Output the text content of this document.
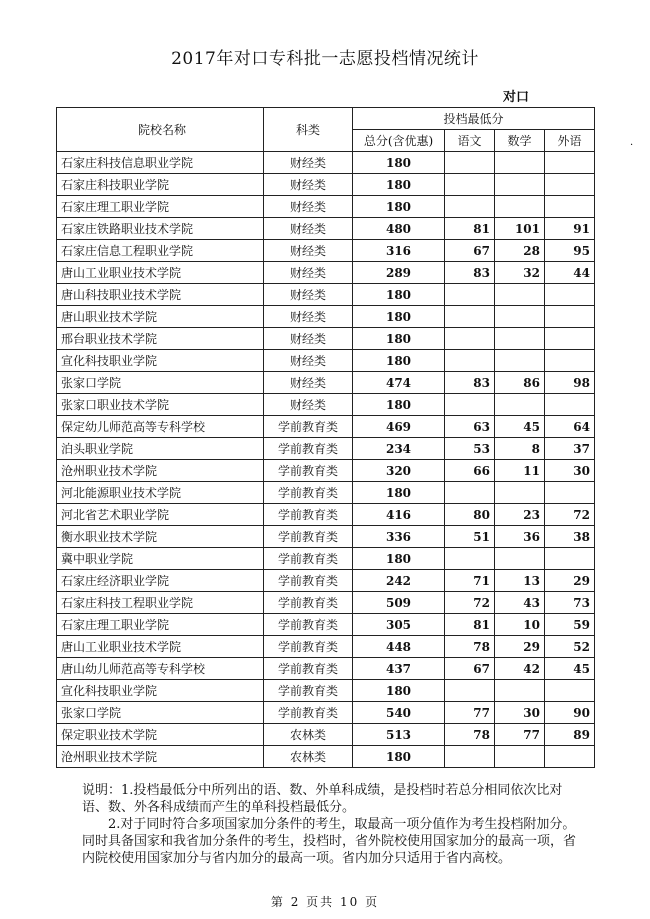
2017年对口专科批一志愿投档情况统计
对口
·
院校名称	科类	投档最低分			
		总分(含优惠)	语文	数学	外语
石家庄科技信息职业学院	财经类	180			
石家庄科技职业学院	财经类	180			
石家庄理工职业学院	财经类	180			
石家庄铁路职业技术学院	财经类	480	81	101	91
石家庄信息工程职业学院	财经类	316	67	28	95
唐山工业职业技术学院	财经类	289	83	32	44
唐山科技职业技术学院	财经类	180			
唐山职业技术学院	财经类	180			
邢台职业技术学院	财经类	180			
宣化科技职业学院	财经类	180			
张家口学院	财经类	474	83	86	98
张家口职业技术学院	财经类	180			
保定幼儿师范高等专科学校	学前教育类	469	63	45	64
泊头职业学院	学前教育类	234	53	8	37
沧州职业技术学院	学前教育类	320	66	11	30
河北能源职业技术学院	学前教育类	180			
河北省艺术职业学院	学前教育类	416	80	23	72
衡水职业技术学院	学前教育类	336	51	36	38
冀中职业学院	学前教育类	180			
石家庄经济职业学院	学前教育类	242	71	13	29
石家庄科技工程职业学院	学前教育类	509	72	43	73
石家庄理工职业学院	学前教育类	305	81	10	59
唐山工业职业技术学院	学前教育类	448	78	29	52
唐山幼儿师范高等专科学校	学前教育类	437	67	42	45
宣化科技职业学院	学前教育类	180			
张家口学院	学前教育类	540	77	30	90
保定职业技术学院	农林类	513	78	77	89
沧州职业技术学院	农林类	180			

说明：1.投档最低分中所列出的语、数、外单科成绩，是投档时若总分相同依次比对语、数、外各科成绩而产生的单科投档最低分。

2.对于同时符合多项国家加分条件的考生，取最高一项分值作为考生投档附加分。同时具备国家和我省加分条件的考生，投档时，省外院校使用国家加分的最高一项，省内院校使用国家加分与省内加分的最高一项。省内加分只适用于省内高校。

第 2 页共 10 页
